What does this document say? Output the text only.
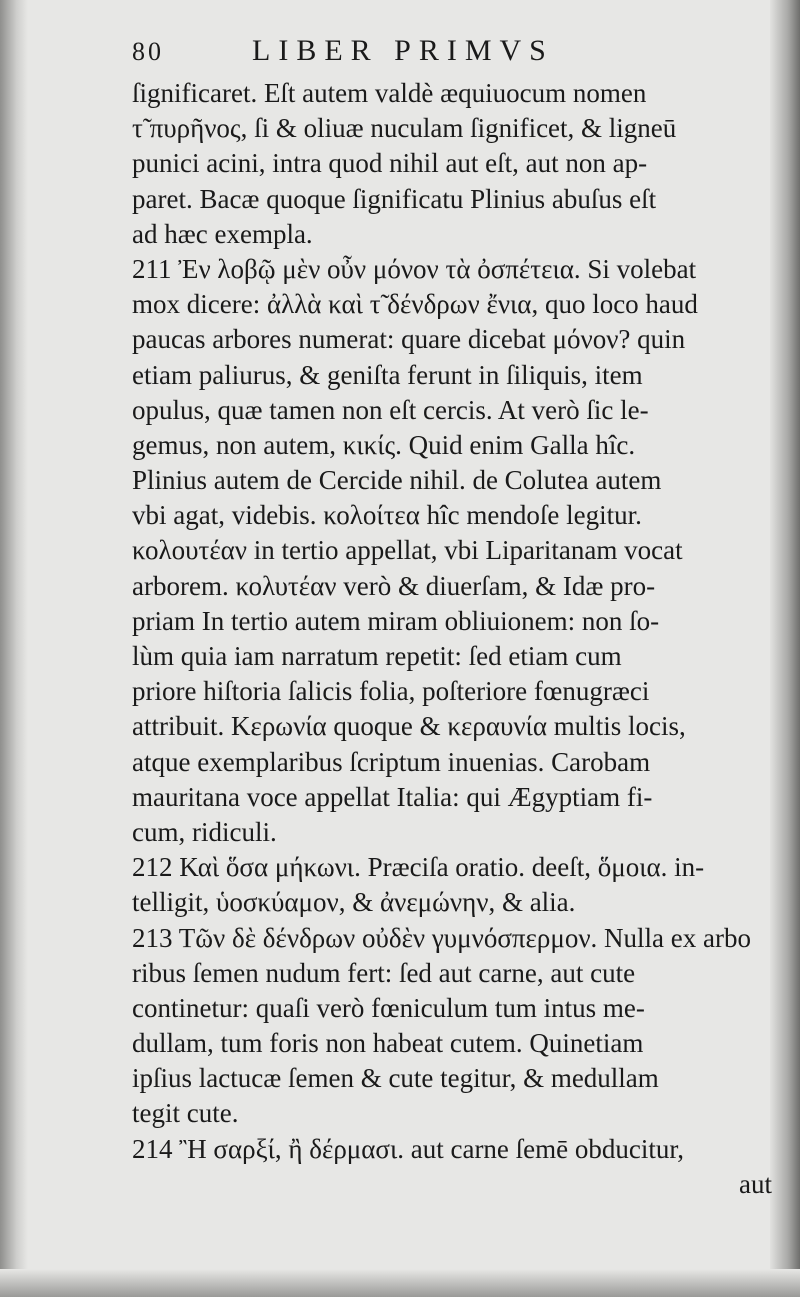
80	LIBER PRIMVS
ſignificaret. Eſt autem valdè æquiuocum nomen
τ̃ πυρῆνος, ſi & oliuæ nuculam ſignificet, & ligneū
punici acini, intra quod nihil aut eſt, aut non ap-
paret. Bacæ quoque ſignificatu Plinius abuſus eſt
ad hæc exempla.
211 Ἐν λοβῷ μὲν οὖν μόνον τὰ ὀσπέτεια. Si volebat
mox dicere: ἀλλὰ καὶ τ̃ δένδρων ἔνια, quo loco haud
paucas arbores numerat: quare dicebat μόνον? quin
etiam paliurus, & geniſta ferunt in ſiliquis, item
opulus, quæ tamen non eſt cercis. At verò ſic le-
gemus, non autem, κικίς. Quid enim Galla hîc.
Plinius autem de Cercide nihil. de Colutea autem
vbi agat, videbis. κολοίτεα hîc mendoſe legitur.
κολουτέαν in tertio appellat, vbi Liparitanam vocat
arborem. κολυτέαν verò & diuerſam, & Idæ pro-
priam In tertio autem miram obliuionem: non ſo-
lùm quia iam narratum repetit: ſed etiam cum
priore hiſtoria ſalicis folia, poſteriore fœnugræci
attribuit. Κερωνία quoque & κεραυνία multis locis,
atque exemplaribus ſcriptum inuenias. Carobam
mauritana voce appellat Italia: qui Ægyptiam fi-
cum, ridiculi.
212 Καὶ ὅσα μήκωνι. Præciſa oratio. deeſt, ὅμοια. in-
telligit, ὑοσκύαμον, & ἀνεμώνην, & alia.
213 Τῶν δὲ δένδρων οὐδὲν γυμνόσπερμον. Nulla ex arbo
ribus ſemen nudum fert: ſed aut carne, aut cute
continetur: quaſi verò fœniculum tum intus me-
dullam, tum foris non habeat cutem. Quinetiam
ipſius lactucæ ſemen & cute tegitur, & medullam
tegit cute.
214 Ἢ σαρξί, ἢ δέρμασι. aut carne ſemē obducitur,
aut
